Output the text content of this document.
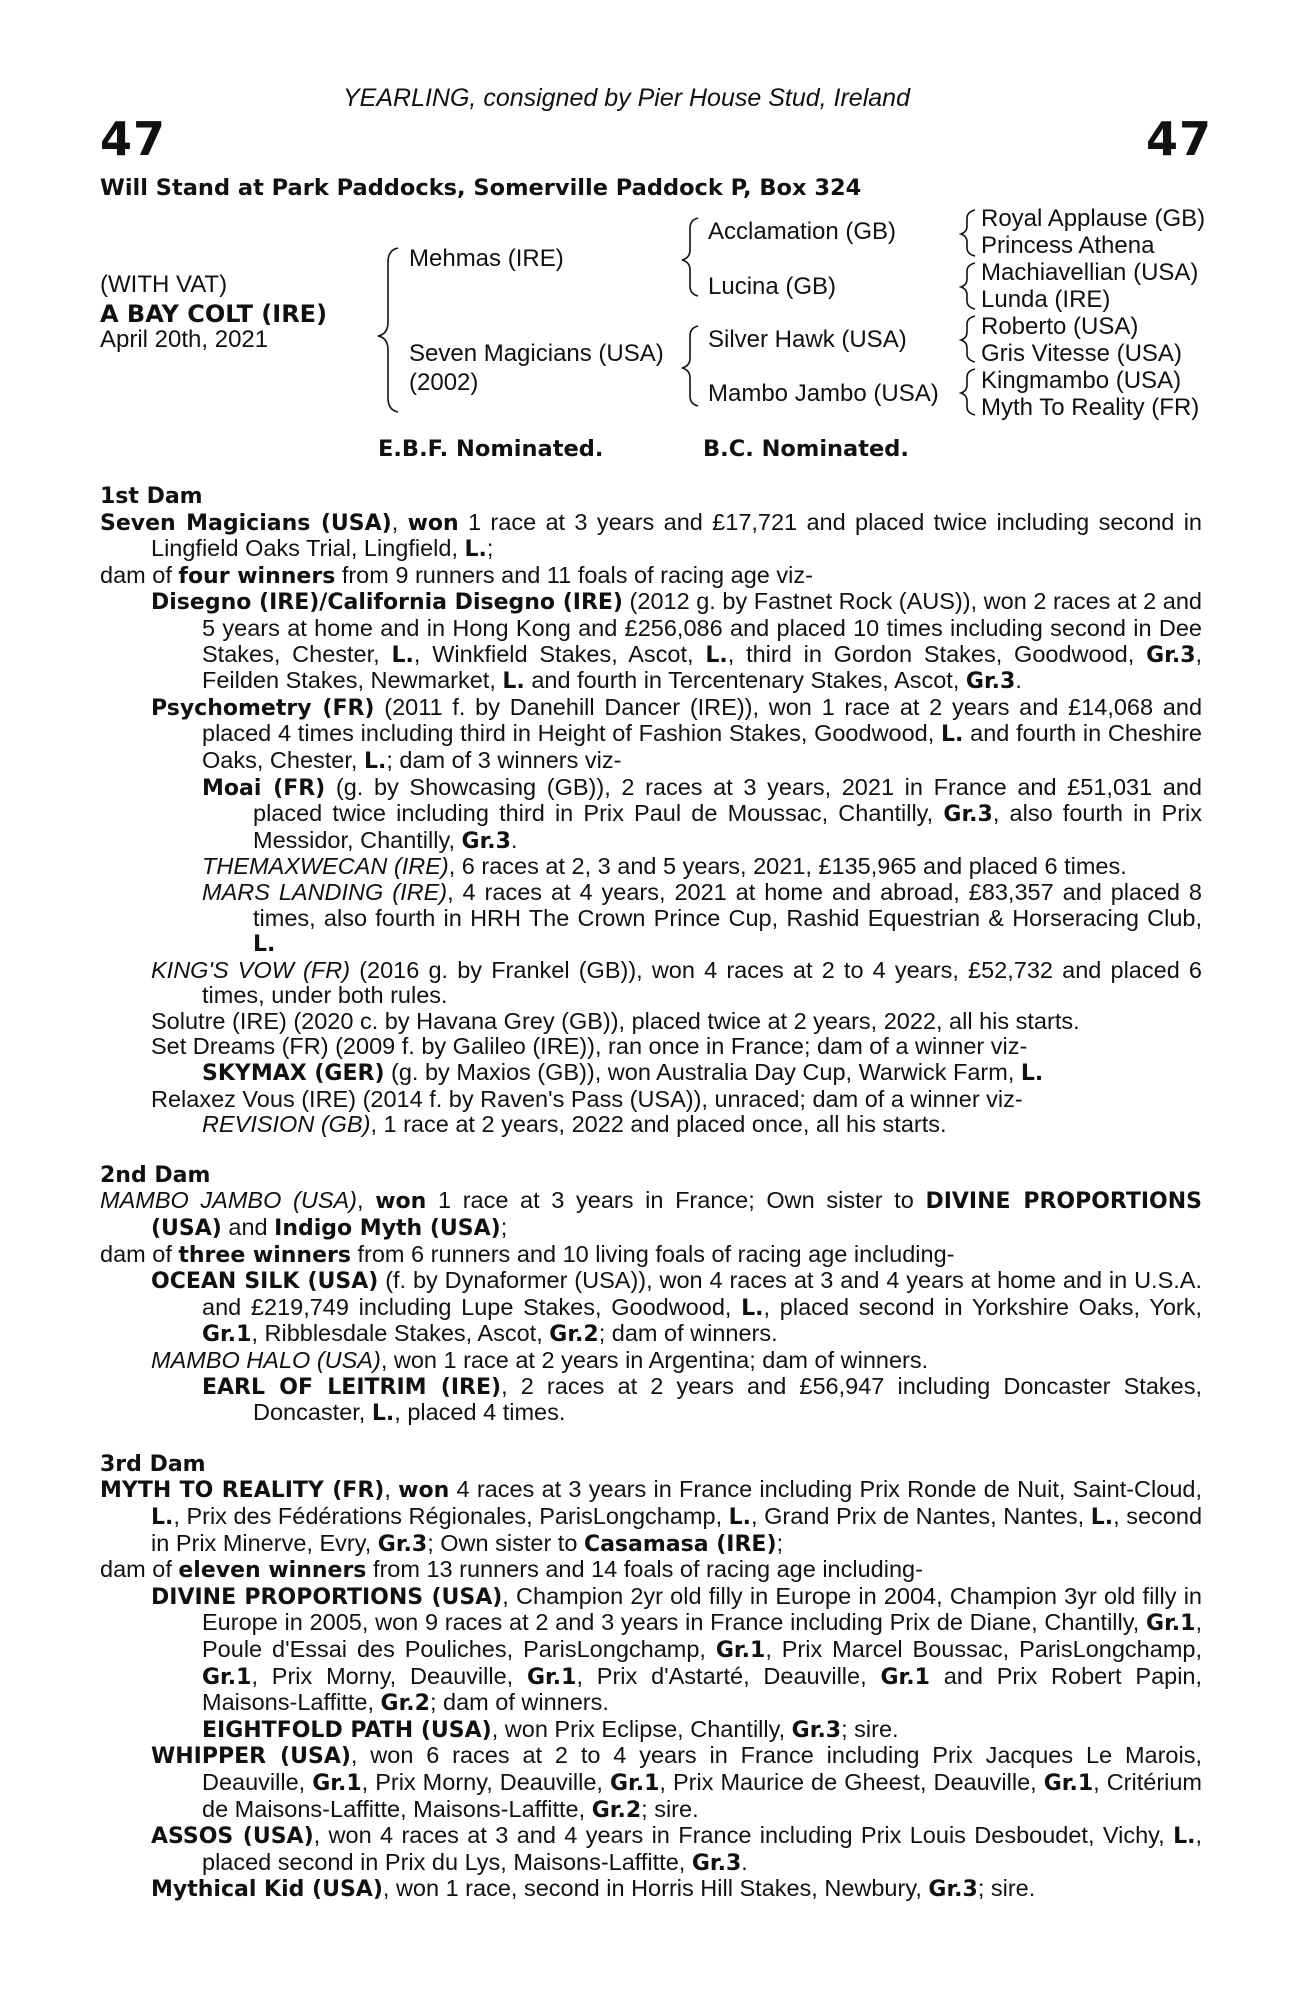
YEARLING, consigned by Pier House Stud, Ireland
47	47
Will Stand at Park Paddocks, Somerville Paddock P, Box 324
(WITH VAT)
A BAY COLT (IRE)
April 20th, 2021
Mehmas (IRE)
Seven Magicians (USA)
(2002)
Acclamation (GB)
Lucina (GB)
Silver Hawk (USA)
Mambo Jambo (USA)
Royal Applause (GB)
Princess Athena
Machiavellian (USA)
Lunda (IRE)
Roberto (USA)
Gris Vitesse (USA)
Kingmambo (USA)
Myth To Reality (FR)
E.B.F. Nominated.	B.C. Nominated.
1st Dam
Seven Magicians (USA), won 1 race at 3 years and £17,721 and placed twice including second in Lingfield Oaks Trial, Lingfield, L.;
dam of four winners from 9 runners and 11 foals of racing age viz-
Disegno (IRE)/California Disegno (IRE) (2012 g. by Fastnet Rock (AUS)), won 2 races at 2 and 5 years at home and in Hong Kong and £256,086 and placed 10 times including second in Dee Stakes, Chester, L., Winkfield Stakes, Ascot, L., third in Gordon Stakes, Goodwood, Gr.3, Feilden Stakes, Newmarket, L. and fourth in Tercentenary Stakes, Ascot, Gr.3.
Psychometry (FR) (2011 f. by Danehill Dancer (IRE)), won 1 race at 2 years and £14,068 and placed 4 times including third in Height of Fashion Stakes, Goodwood, L. and fourth in Cheshire Oaks, Chester, L.; dam of 3 winners viz-
Moai (FR) (g. by Showcasing (GB)), 2 races at 3 years, 2021 in France and £51,031 and placed twice including third in Prix Paul de Moussac, Chantilly, Gr.3, also fourth in Prix Messidor, Chantilly, Gr.3.
THEMAXWECAN (IRE), 6 races at 2, 3 and 5 years, 2021, £135,965 and placed 6 times.
MARS LANDING (IRE), 4 races at 4 years, 2021 at home and abroad, £83,357 and placed 8 times, also fourth in HRH The Crown Prince Cup, Rashid Equestrian & Horseracing Club, L.
KING'S VOW (FR) (2016 g. by Frankel (GB)), won 4 races at 2 to 4 years, £52,732 and placed 6 times, under both rules.
Solutre (IRE) (2020 c. by Havana Grey (GB)), placed twice at 2 years, 2022, all his starts.
Set Dreams (FR) (2009 f. by Galileo (IRE)), ran once in France; dam of a winner viz-
SKYMAX (GER) (g. by Maxios (GB)), won Australia Day Cup, Warwick Farm, L.
Relaxez Vous (IRE) (2014 f. by Raven's Pass (USA)), unraced; dam of a winner viz-
REVISION (GB), 1 race at 2 years, 2022 and placed once, all his starts.
2nd Dam
MAMBO JAMBO (USA), won 1 race at 3 years in France; Own sister to DIVINE PROPORTIONS (USA) and Indigo Myth (USA);
dam of three winners from 6 runners and 10 living foals of racing age including-
OCEAN SILK (USA) (f. by Dynaformer (USA)), won 4 races at 3 and 4 years at home and in U.S.A. and £219,749 including Lupe Stakes, Goodwood, L., placed second in Yorkshire Oaks, York, Gr.1, Ribblesdale Stakes, Ascot, Gr.2; dam of winners.
MAMBO HALO (USA), won 1 race at 2 years in Argentina; dam of winners.
EARL OF LEITRIM (IRE), 2 races at 2 years and £56,947 including Doncaster Stakes, Doncaster, L., placed 4 times.
3rd Dam
MYTH TO REALITY (FR), won 4 races at 3 years in France including Prix Ronde de Nuit, Saint-Cloud, L., Prix des Fédérations Régionales, ParisLongchamp, L., Grand Prix de Nantes, Nantes, L., second in Prix Minerve, Evry, Gr.3; Own sister to Casamasa (IRE);
dam of eleven winners from 13 runners and 14 foals of racing age including-
DIVINE PROPORTIONS (USA), Champion 2yr old filly in Europe in 2004, Champion 3yr old filly in Europe in 2005, won 9 races at 2 and 3 years in France including Prix de Diane, Chantilly, Gr.1, Poule d'Essai des Pouliches, ParisLongchamp, Gr.1, Prix Marcel Boussac, ParisLongchamp, Gr.1, Prix Morny, Deauville, Gr.1, Prix d'Astarté, Deauville, Gr.1 and Prix Robert Papin, Maisons-Laffitte, Gr.2; dam of winners.
EIGHTFOLD PATH (USA), won Prix Eclipse, Chantilly, Gr.3; sire.
WHIPPER (USA), won 6 races at 2 to 4 years in France including Prix Jacques Le Marois, Deauville, Gr.1, Prix Morny, Deauville, Gr.1, Prix Maurice de Gheest, Deauville, Gr.1, Critérium de Maisons-Laffitte, Maisons-Laffitte, Gr.2; sire.
ASSOS (USA), won 4 races at 3 and 4 years in France including Prix Louis Desboudet, Vichy, L., placed second in Prix du Lys, Maisons-Laffitte, Gr.3.
Mythical Kid (USA), won 1 race, second in Horris Hill Stakes, Newbury, Gr.3; sire.
